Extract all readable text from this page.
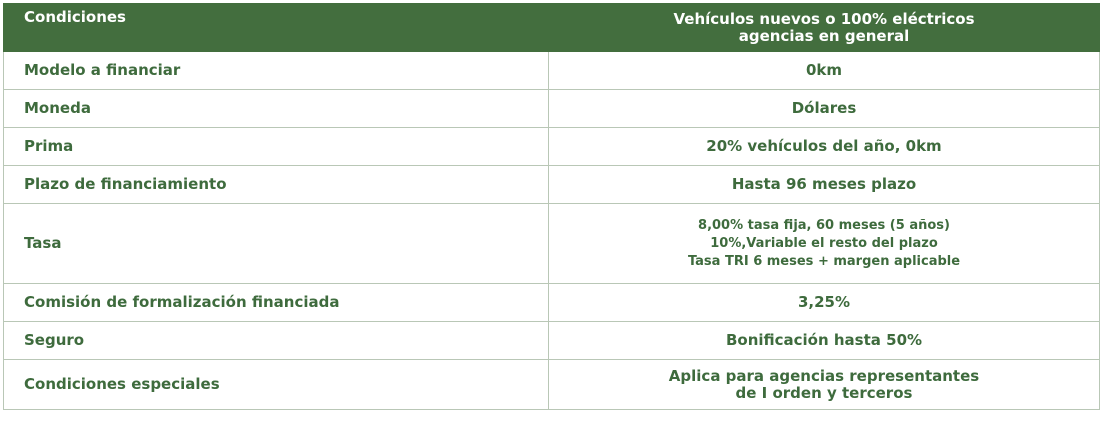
Condiciones	Vehículos nuevos o 100% eléctricos
agencias en general

Modelo a financiar	0km

Moneda	Dólares

Prima	20% vehículos del año, 0km

Plazo de financiamiento	Hasta 96 meses plazo

Tasa	8,00% tasa fija, 60 meses (5 años)
10%,Variable el resto del plazo
Tasa TRI 6 meses + margen aplicable

Comisión de formalización financiada	3,25%

Seguro	Bonificación hasta 50%

Condiciones especiales	Aplica para agencias representantes
de I orden y terceros
